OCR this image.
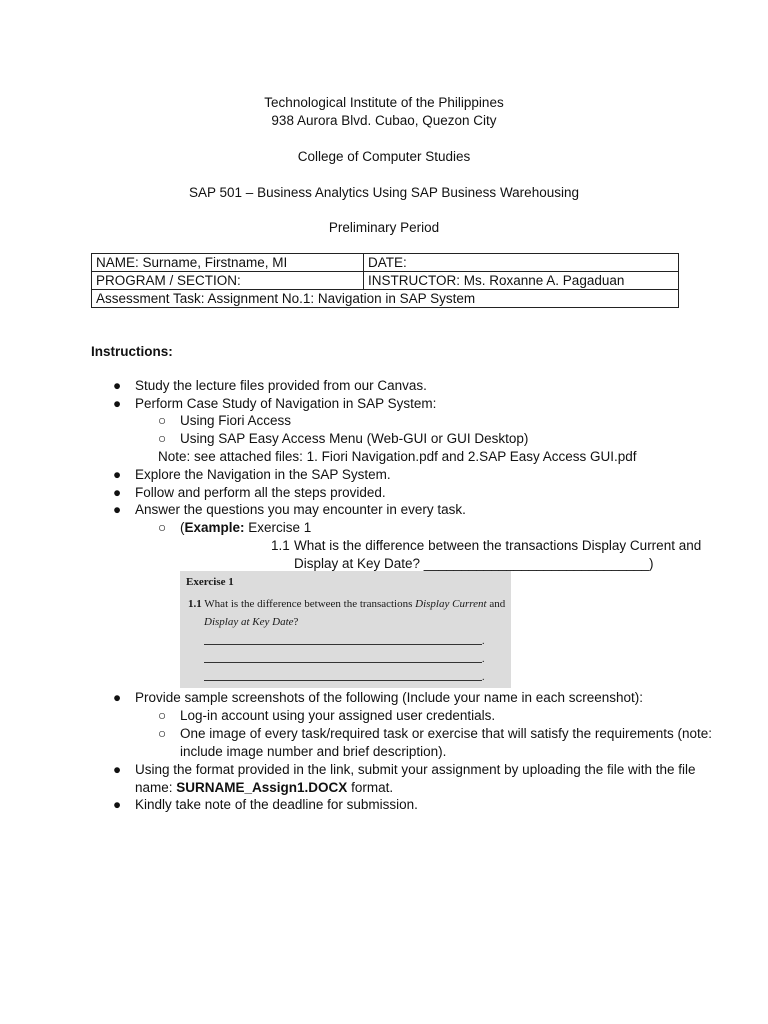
Technological Institute of the Philippines
938 Aurora Blvd. Cubao, Quezon City
College of Computer Studies
SAP 501 – Business Analytics Using SAP Business Warehousing
Preliminary Period
NAME: Surname, Firstname, MI	DATE:
PROGRAM / SECTION:	INSTRUCTOR: Ms. Roxanne A. Pagaduan
Assessment Task: Assignment No.1: Navigation in SAP System	
Instructions:
● Study the lecture files provided from our Canvas.
● Perform Case Study of Navigation in SAP System:
○ Using Fiori Access
○ Using SAP Easy Access Menu (Web-GUI or GUI Desktop)
Note: see attached files: 1. Fiori Navigation.pdf and 2.SAP Easy Access GUI.pdf
● Explore the Navigation in the SAP System.
● Follow and perform all the steps provided.
● Answer the questions you may encounter in every task.
○ (Example: Exercise 1
1.1 What is the difference between the transactions Display Current and
Display at Key Date? ______________________________)
Exercise 1
1.1 What is the difference between the transactions Display Current and
Display at Key Date?
.
.
.
● Provide sample screenshots of the following (Include your name in each screenshot):
○ Log-in account using your assigned user credentials.
○ One image of every task/required task or exercise that will satisfy the requirements (note:
include image number and brief description).
● Using the format provided in the link, submit your assignment by uploading the file with the file
name: SURNAME_Assign1.DOCX format.
● Kindly take note of the deadline for submission.
